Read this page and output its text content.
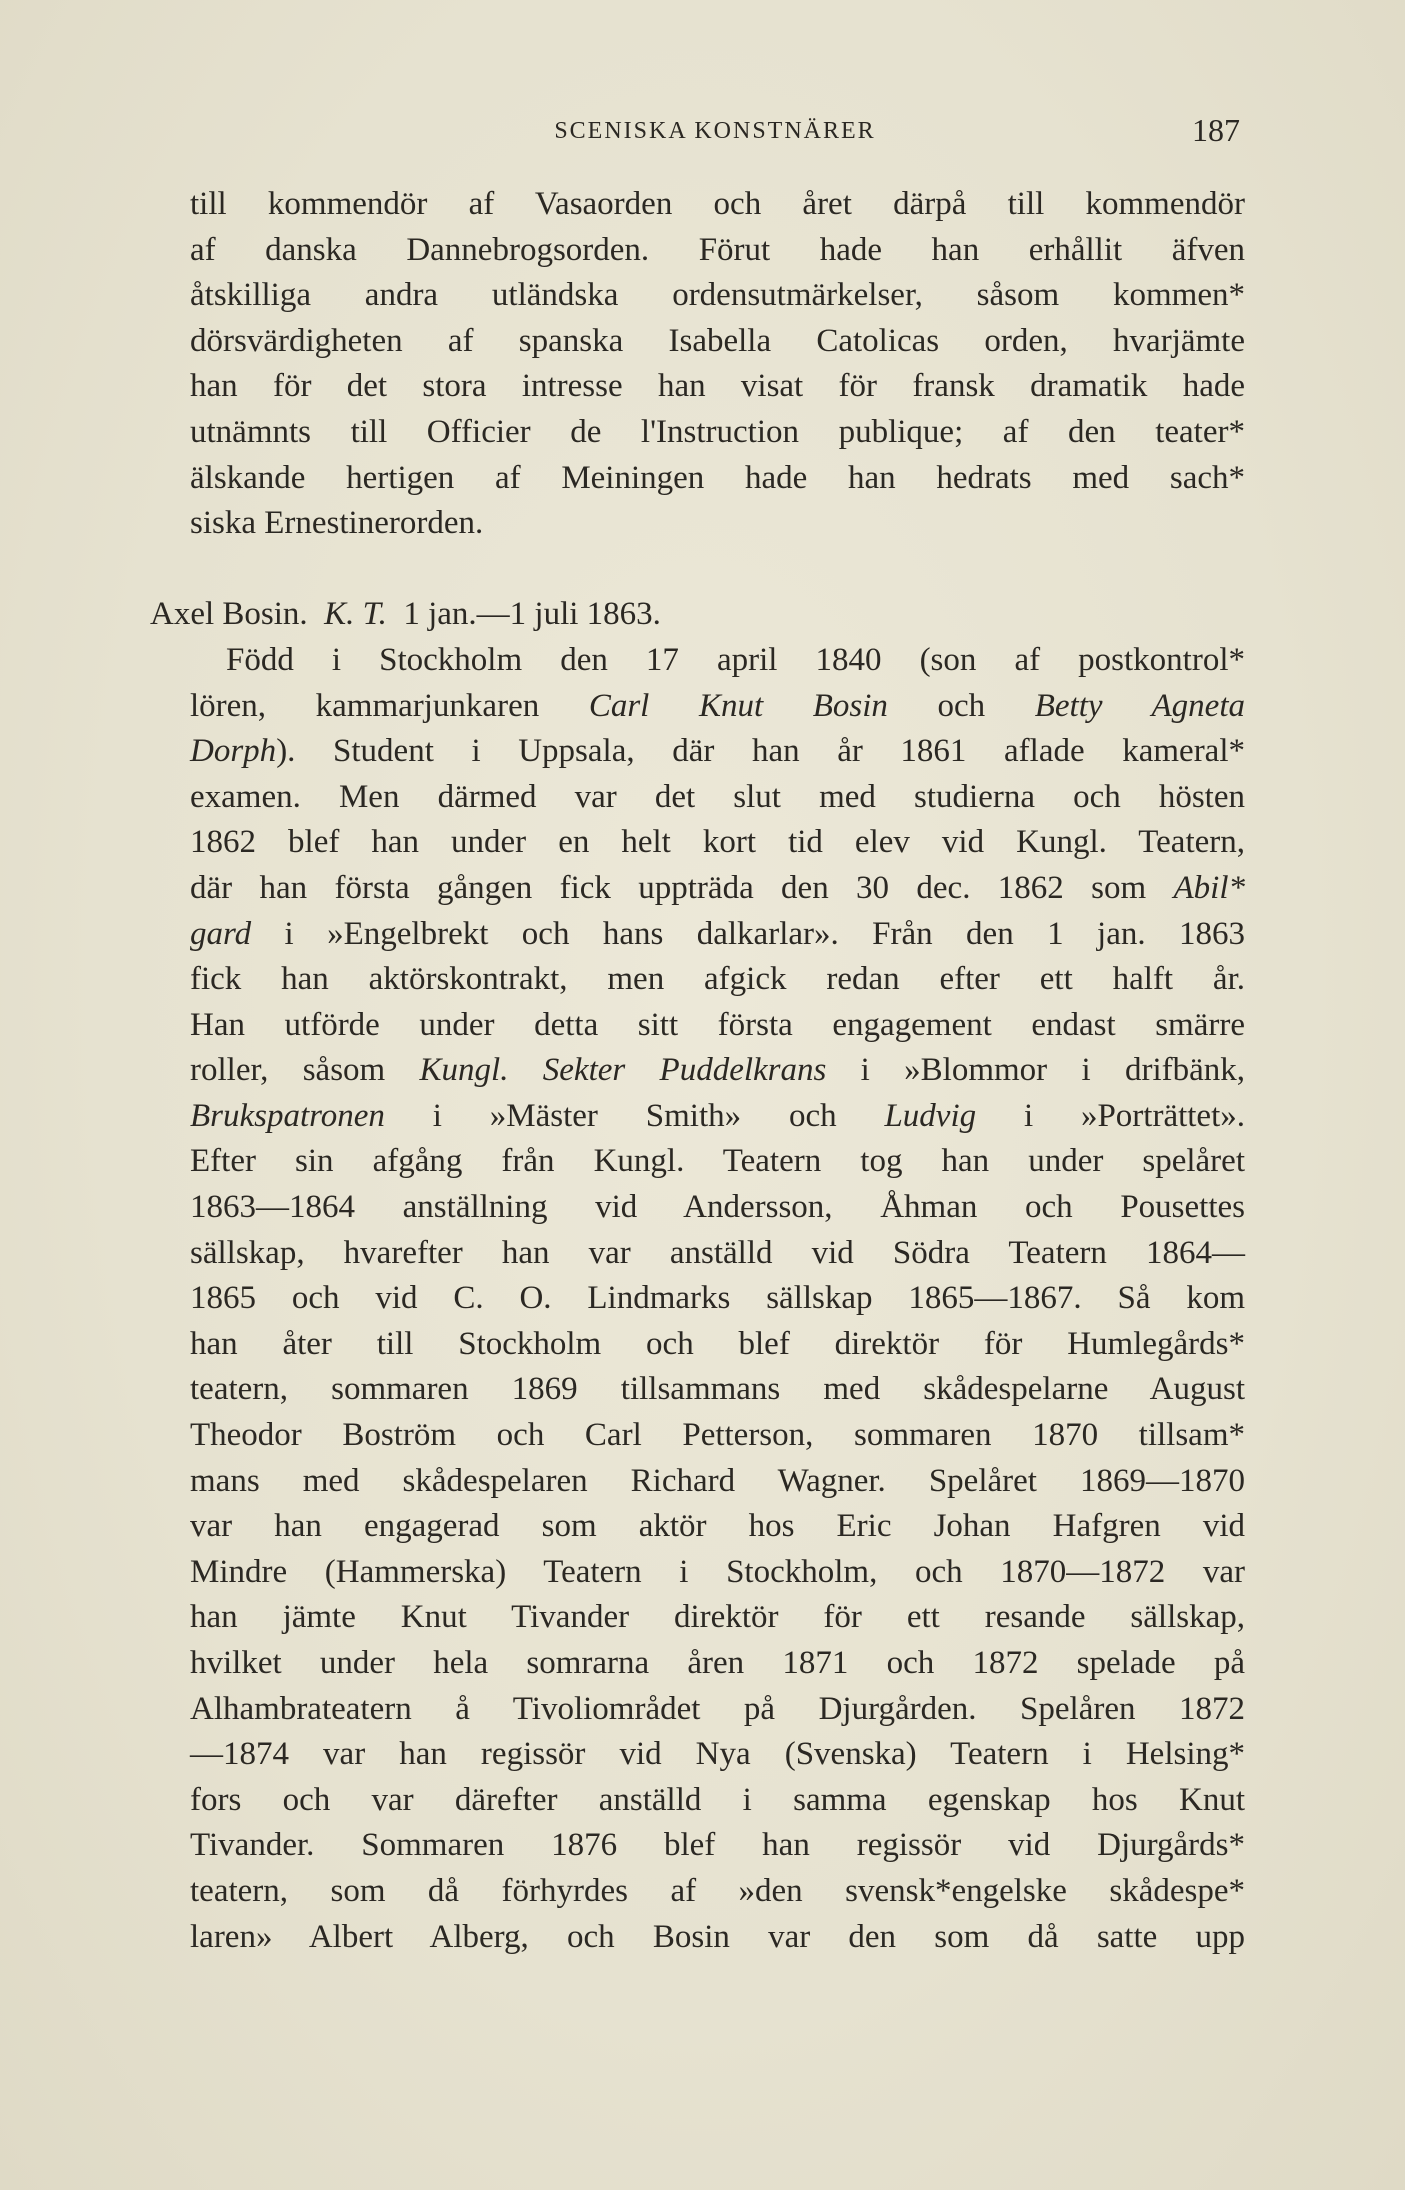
SCENISKA KONSTNÄRER	187
till kommendör af Vasaorden och året därpå till kommendör
af danska Dannebrogsorden. Förut hade han erhållit äfven
åtskilliga andra utländska ordensutmärkelser, såsom kommen*
dörsvärdigheten af spanska Isabella Catolicas orden, hvarjämte
han för det stora intresse han visat för fransk dramatik hade
utnämnts till Officier de l'Instruction publique; af den teater*
älskande hertigen af Meiningen hade han hedrats med sach*
siska Ernestinerorden.
Axel Bosin. K. T. 1 jan.—1 juli 1863.
Född i Stockholm den 17 april 1840 (son af postkontrol*
lören, kammarjunkaren Carl Knut Bosin och Betty Agneta
Dorph). Student i Uppsala, där han år 1861 aflade kameral*
examen. Men därmed var det slut med studierna och hösten
1862 blef han under en helt kort tid elev vid Kungl. Teatern,
där han första gången fick uppträda den 30 dec. 1862 som Abil*
gard i »Engelbrekt och hans dalkarlar». Från den 1 jan. 1863
fick han aktörskontrakt, men afgick redan efter ett halft år.
Han utförde under detta sitt första engagement endast smärre
roller, såsom Kungl. Sekter Puddelkrans i »Blommor i drifbänk,
Brukspatronen i »Mäster Smith» och Ludvig i »Porträttet».
Efter sin afgång från Kungl. Teatern tog han under spelåret
1863—1864 anställning vid Andersson, Åhman och Pousettes
sällskap, hvarefter han var anställd vid Södra Teatern 1864—
1865 och vid C. O. Lindmarks sällskap 1865—1867. Så kom
han åter till Stockholm och blef direktör för Humlegårds*
teatern, sommaren 1869 tillsammans med skådespelarne August
Theodor Boström och Carl Petterson, sommaren 1870 tillsam*
mans med skådespelaren Richard Wagner. Spelåret 1869—1870
var han engagerad som aktör hos Eric Johan Hafgren vid
Mindre (Hammerska) Teatern i Stockholm, och 1870—1872 var
han jämte Knut Tivander direktör för ett resande sällskap,
hvilket under hela somrarna åren 1871 och 1872 spelade på
Alhambrateatern å Tivoliområdet på Djurgården. Spelåren 1872
—1874 var han regissör vid Nya (Svenska) Teatern i Helsing*
fors och var därefter anställd i samma egenskap hos Knut
Tivander. Sommaren 1876 blef han regissör vid Djurgårds*
teatern, som då förhyrdes af »den svensk*engelske skådespe*
laren» Albert Alberg, och Bosin var den som då satte upp
